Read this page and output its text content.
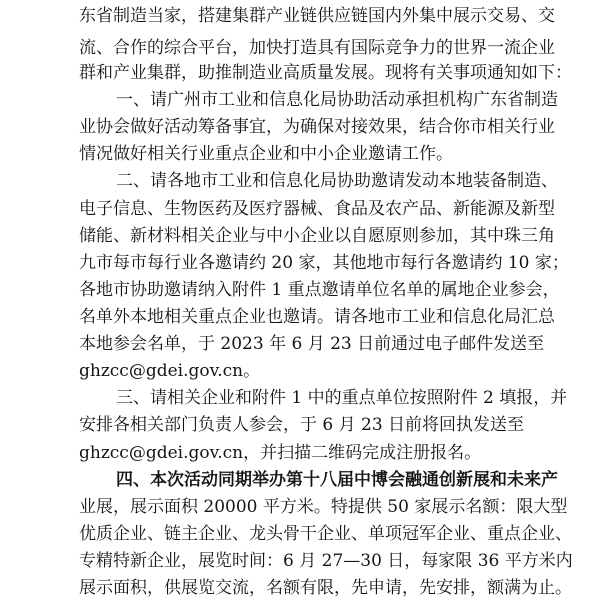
东省制造当家，搭建集群产业链供应链国内外集中展示交易、交
流、合作的综合平台，加快打造具有国际竞争力的世界一流企业
群和产业集群，助推制造业高质量发展。现将有关事项通知如下：
一、请广州市工业和信息化局协助活动承担机构广东省制造
业协会做好活动筹备事宜，为确保对接效果，结合你市相关行业
情况做好相关行业重点企业和中小企业邀请工作。
二、请各地市工业和信息化局协助邀请发动本地装备制造、
电子信息、生物医药及医疗器械、食品及农产品、新能源及新型
储能、新材料相关企业与中小企业以自愿原则参加，其中珠三角
九市每市每行业各邀请约 20 家，其他地市每行各邀请约 10 家；
各地市协助邀请纳入附件 1 重点邀请单位名单的属地企业参会，
名单外本地相关重点企业也邀请。请各地市工业和信息化局汇总
本地参会名单，于 2023 年 6 月 23 日前通过电子邮件发送至
ghzcc@gdei.gov.cn。
三、请相关企业和附件 1 中的重点单位按照附件 2 填报，并
安排各相关部门负责人参会，于 6 月 23 日前将回执发送至
ghzcc@gdei.gov.cn，并扫描二维码完成注册报名。
四、本次活动同期举办第十八届中博会融通创新展和未来产
业展，展示面积 20000 平方米。特提供 50 家展示名额：限大型
优质企业、链主企业、龙头骨干企业、单项冠军企业、重点企业、
专精特新企业，展览时间：6 月 27—30 日，每家限 36 平方米内
展示面积，供展览交流，名额有限，先申请，先安排，额满为止。
